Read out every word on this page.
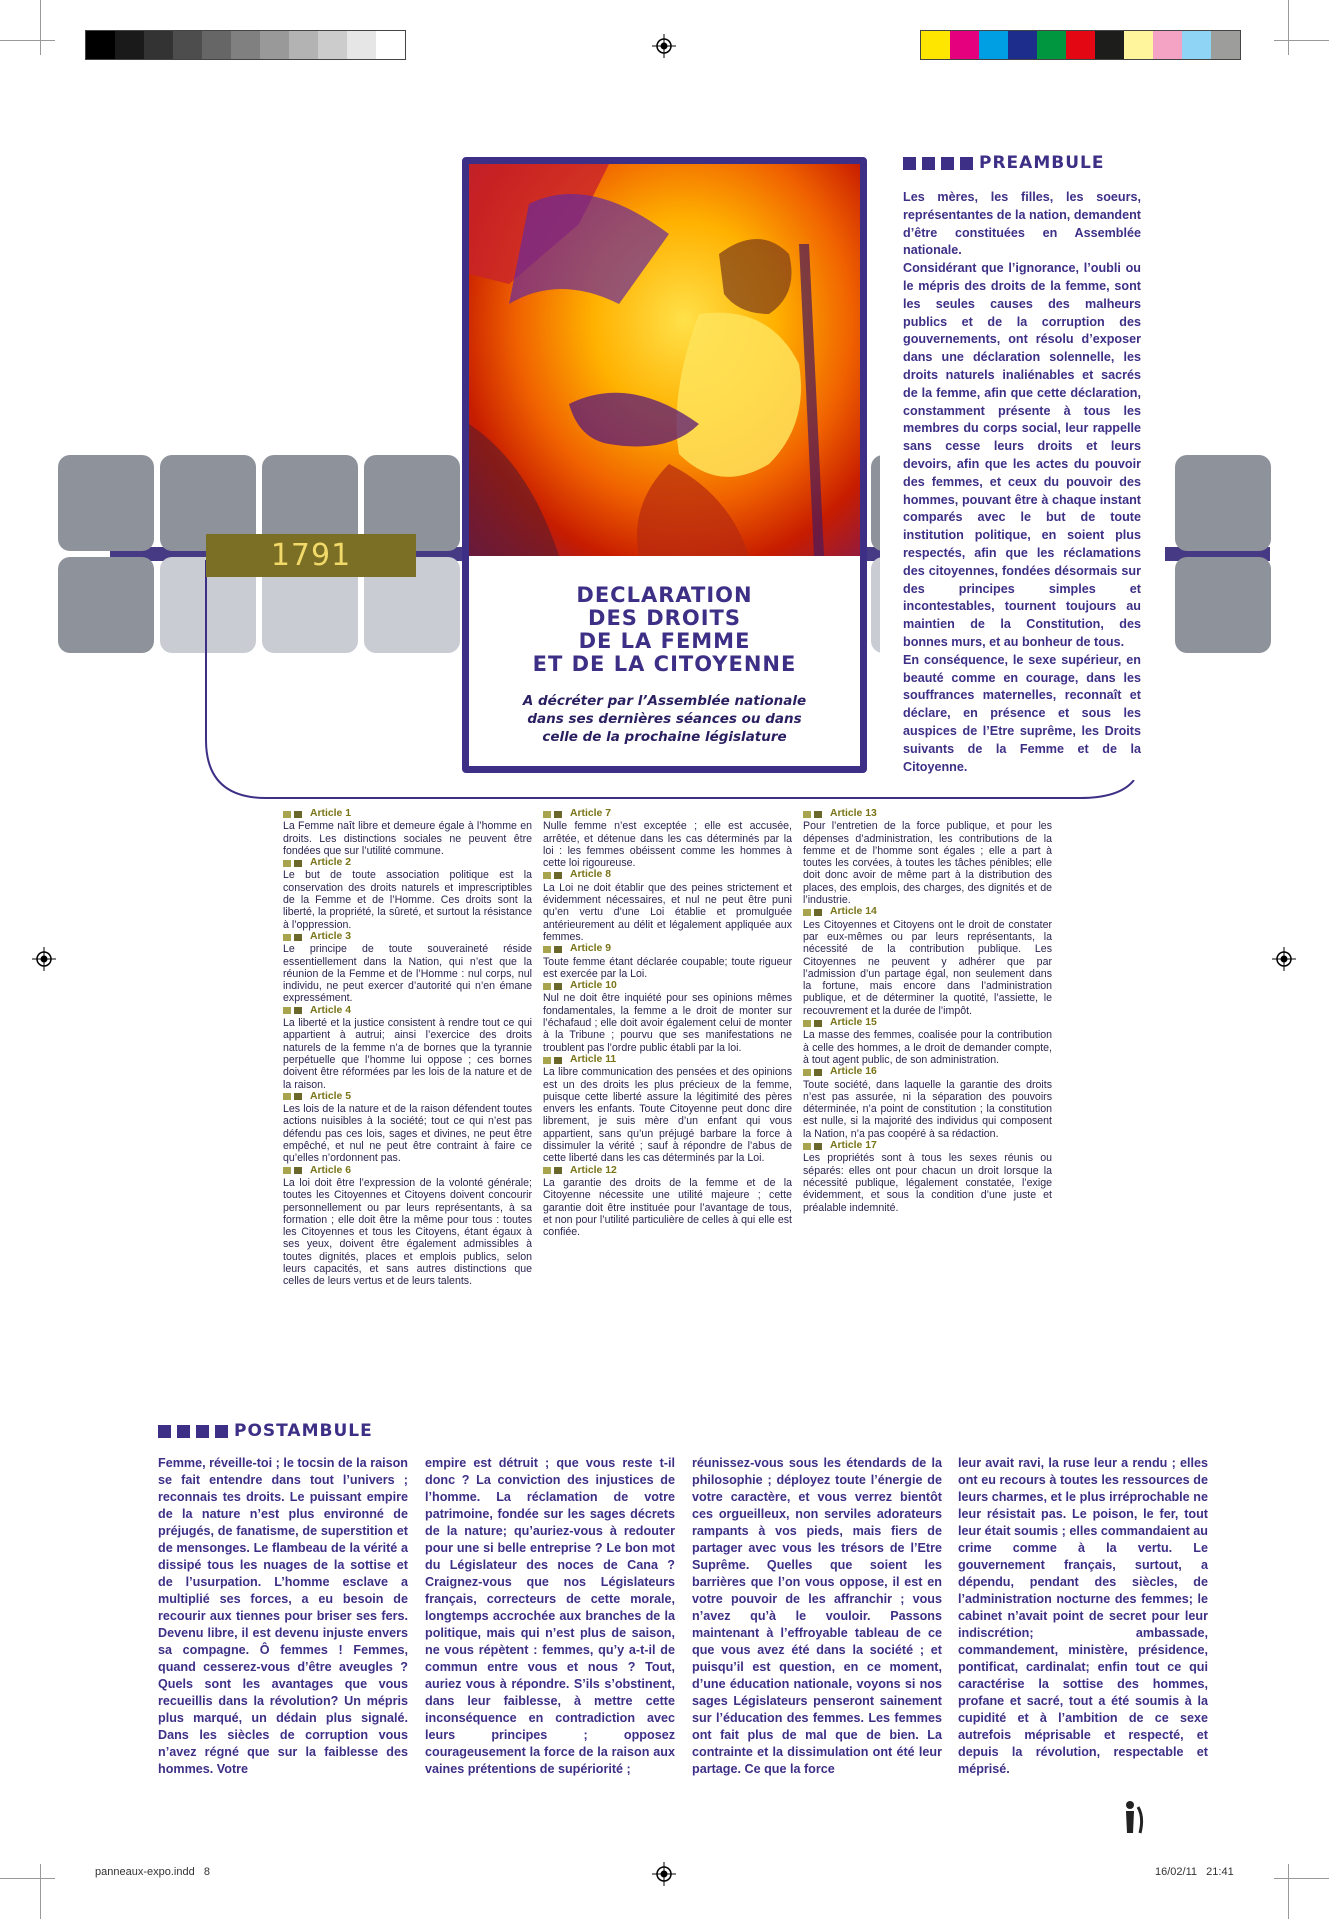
1791
DECLARATION
DES DROITS
DE LA FEMME
ET DE LA CITOYENNE
A décréter par l’Assemblée nationale
dans ses dernières séances ou dans
celle de la prochaine législature
PREAMBULE

Les mères, les filles, les soeurs, représentantes de la nation, demandent d’être constituées en Assemblée nationale.

Considérant que l’ignorance, l’oubli ou le mépris des droits de la femme, sont les seules causes des malheurs publics et de la corruption des gouvernements, ont résolu d’exposer dans une déclaration solennelle, les droits naturels inaliénables et sacrés de la femme, afin que cette déclaration, constamment présente à tous les membres du corps social, leur rappelle sans cesse leurs droits et leurs devoirs, afin que les actes du pouvoir des femmes, et ceux du pouvoir des hommes, pouvant être à chaque instant comparés avec le but de toute institution politique, en soient plus respectés, afin que les réclamations des citoyennes, fondées désormais sur des principes simples et incontestables, tournent toujours au maintien de la Constitution, des bonnes murs, et au bonheur de tous.

En conséquence, le sexe supérieur, en beauté comme en courage, dans les souffrances maternelles, reconnaît et déclare, en présence et sous les auspices de l’Etre suprême, les Droits suivants de la Femme et de la Citoyenne.

Article 1
La Femme naît libre et demeure égale à l’homme en droits. Les distinctions sociales ne peuvent être fondées que sur l’utilité commune.
Article 2
Le but de toute association politique est la conservation des droits naturels et imprescriptibles de la Femme et de l’Homme. Ces droits sont la liberté, la propriété, la sûreté, et surtout la résistance à l’oppression.
Article 3
Le principe de toute souveraineté réside essentiellement dans la Nation, qui n’est que la réunion de la Femme et de l’Homme : nul corps, nul individu, ne peut exercer d’autorité qui n’en émane expressément.
Article 4
La liberté et la justice consistent à rendre tout ce qui appartient à autrui; ainsi l’exercice des droits naturels de la femme n’a de bornes que la tyrannie perpétuelle que l’homme lui oppose ; ces bornes doivent être réformées par les lois de la nature et de la raison.
Article 5
Les lois de la nature et de la raison défendent toutes actions nuisibles à la société; tout ce qui n’est pas défendu pas ces lois, sages et divines, ne peut être empêché, et nul ne peut être contraint à faire ce qu’elles n’ordonnent pas.
Article 6
La loi doit être l’expression de la volonté générale; toutes les Citoyennes et Citoyens doivent concourir personnellement ou par leurs représentants, à sa formation ; elle doit être la même pour tous : toutes les Citoyennes et tous les Citoyens, étant égaux à ses yeux, doivent être également admissibles à toutes dignités, places et emplois publics, selon leurs capacités, et sans autres distinctions que celles de leurs vertus et de leurs talents.
Article 7
Nulle femme n’est exceptée ; elle est accusée, arrêtée, et détenue dans les cas déterminés par la loi : les femmes obéissent comme les hommes à cette loi rigoureuse.
Article 8
La Loi ne doit établir que des peines strictement et évidemment nécessaires, et nul ne peut être puni qu’en vertu d’une Loi établie et promulguée antérieurement au délit et légalement appliquée aux femmes.
Article 9
Toute femme étant déclarée coupable; toute rigueur est exercée par la Loi.
Article 10
Nul ne doit être inquiété pour ses opinions mêmes fondamentales, la femme a le droit de monter sur l’échafaud ; elle doit avoir également celui de monter à la Tribune ; pourvu que ses manifestations ne troublent pas l’ordre public établi par la loi.
Article 11
La libre communication des pensées et des opinions est un des droits les plus précieux de la femme, puisque cette liberté assure la légitimité des pères envers les enfants. Toute Citoyenne peut donc dire librement, je suis mère d’un enfant qui vous appartient, sans qu’un préjugé barbare la force à dissimuler la vérité ; sauf à répondre de l’abus de cette liberté dans les cas déterminés par la Loi.
Article 12
La garantie des droits de la femme et de la Citoyenne nécessite une utilité majeure ; cette garantie doit être instituée pour l’avantage de tous, et non pour l’utilité particulière de celles à qui elle est confiée.
Article 13
Pour l’entretien de la force publique, et pour les dépenses d’administration, les contributions de la femme et de l’homme sont égales ; elle a part à toutes les corvées, à toutes les tâches pénibles; elle doit donc avoir de même part à la distribution des places, des emplois, des charges, des dignités et de l’industrie.
Article 14
Les Citoyennes et Citoyens ont le droit de constater par eux-mêmes ou par leurs représentants, la nécessité de la contribution publique. Les Citoyennes ne peuvent y adhérer que par l’admission d’un partage égal, non seulement dans la fortune, mais encore dans l’administration publique, et de déterminer la quotité, l’assiette, le recouvrement et la durée de l’impôt.
Article 15
La masse des femmes, coalisée pour la contribution à celle des hommes, a le droit de demander compte, à tout agent public, de son administration.
Article 16
Toute société, dans laquelle la garantie des droits n’est pas assurée, ni la séparation des pouvoirs déterminée, n’a point de constitution ; la constitution est nulle, si la majorité des individus qui composent la Nation, n’a pas coopéré à sa rédaction.
Article 17
Les propriétés sont à tous les sexes réunis ou séparés: elles ont pour chacun un droit lorsque la nécessité publique, légalement constatée, l’exige évidemment, et sous la condition d’une juste et préalable indemnité.
POSTAMBULE
Femme, réveille-toi ; le tocsin de la raison se fait entendre dans tout l’univers ; reconnais tes droits. Le puissant empire de la nature n’est plus environné de préjugés, de fanatisme, de superstition et de mensonges. Le flambeau de la vérité a dissipé tous les nuages de la sottise et de l’usurpation. L’homme esclave a multiplié ses forces, a eu besoin de recourir aux tiennes pour briser ses fers. Devenu libre, il est devenu injuste envers sa compagne. Ô femmes ! Femmes, quand cesserez-vous d’être aveugles ? Quels sont les avantages que vous recueillis dans la révolution? Un mépris plus marqué, un dédain plus signalé. Dans les siècles de corruption vous n’avez régné que sur la faiblesse des hommes. Votre
empire est détruit ; que vous reste t-il donc ? La conviction des injustices de l’homme. La réclamation de votre patrimoine, fondée sur les sages décrets de la nature; qu’auriez-vous à redouter pour une si belle entreprise ? Le bon mot du Législateur des noces de Cana ? Craignez-vous que nos Législateurs français, correcteurs de cette morale, longtemps accrochée aux branches de la politique, mais qui n’est plus de saison, ne vous répètent : femmes, qu’y a-t-il de commun entre vous et nous ? Tout, auriez vous à répondre. S’ils s’obstinent, dans leur faiblesse, à mettre cette inconséquence en contradiction avec leurs principes ; opposez courageusement la force de la raison aux vaines prétentions de supériorité ;
réunissez-vous sous les étendards de la philosophie ; déployez toute l’énergie de votre caractère, et vous verrez bientôt ces orgueilleux, non serviles adorateurs rampants à vos pieds, mais fiers de partager avec vous les trésors de l’Etre Suprême. Quelles que soient les barrières que l’on vous oppose, il est en votre pouvoir de les affranchir ; vous n’avez qu’à le vouloir. Passons maintenant à l’effroyable tableau de ce que vous avez été dans la société ; et puisqu’il est question, en ce moment, d’une éducation nationale, voyons si nos sages Législateurs penseront sainement sur l’éducation des femmes. Les femmes ont fait plus de mal que de bien. La contrainte et la dissimulation ont été leur partage. Ce que la force
leur avait ravi, la ruse leur a rendu ; elles ont eu recours à toutes les ressources de leurs charmes, et le plus irréprochable ne leur résistait pas. Le poison, le fer, tout leur était soumis ; elles commandaient au crime comme à la vertu. Le gouvernement français, surtout, a dépendu, pendant des siècles, de l’administration nocturne des femmes; le cabinet n’avait point de secret pour leur indiscrétion; ambassade, commandement, ministère, présidence, pontificat, cardinalat; enfin tout ce qui caractérise la sottise des hommes, profane et sacré, tout a été soumis à la cupidité et à l’ambition de ce sexe autrefois méprisable et respecté, et depuis la révolution, respectable et méprisé.
panneaux-expo.indd   8	16/02/11   21:41
